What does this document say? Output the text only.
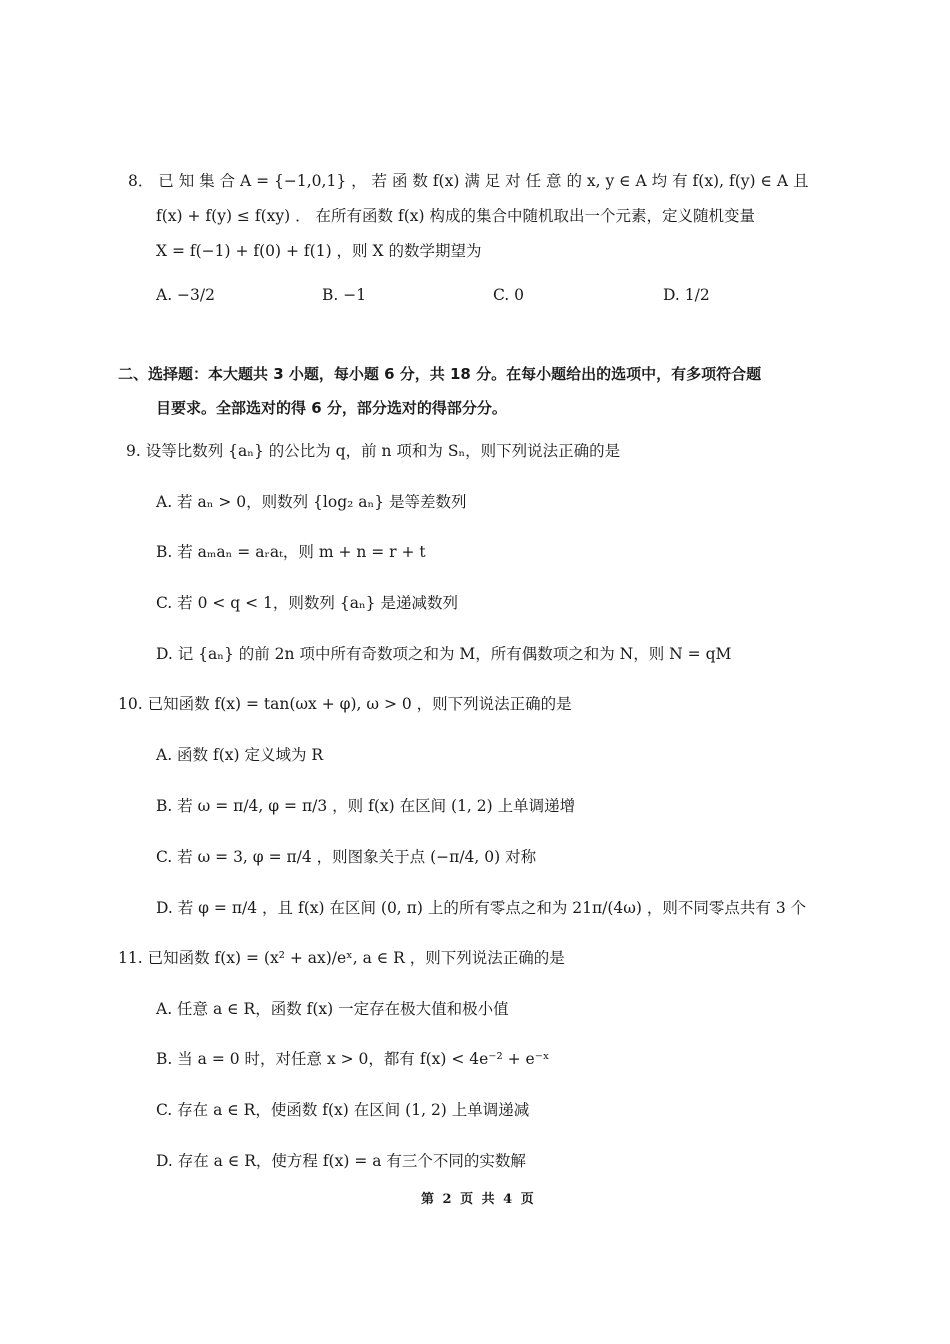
8． 已 知 集 合 A = {−1,0,1} ， 若 函 数 f(x) 满 足 对 任 意 的 x, y ∈ A 均 有 f(x), f(y) ∈ A 且
f(x) + f(y) ≤ f(xy) ． 在所有函数 f(x) 构成的集合中随机取出一个元素，定义随机变量
X = f(−1) + f(0) + f(1) ，则 X 的数学期望为
A. −3/2	B. −1	C. 0	D. 1/2
二、选择题：本大题共 3 小题，每小题 6 分，共 18 分。在每小题给出的选项中，有多项符合题
目要求。全部选对的得 6 分，部分选对的得部分分。
9. 设等比数列 {aₙ} 的公比为 q，前 n 项和为 Sₙ，则下列说法正确的是
A. 若 aₙ > 0，则数列 {log₂ aₙ} 是等差数列
B. 若 aₘaₙ = aᵣaₜ，则 m + n = r + t
C. 若 0 < q < 1，则数列 {aₙ} 是递减数列
D. 记 {aₙ} 的前 2n 项中所有奇数项之和为 M，所有偶数项之和为 N，则 N = qM
10. 已知函数 f(x) = tan(ωx + φ), ω > 0 ，则下列说法正确的是
A. 函数 f(x) 定义域为 R
B. 若 ω = π/4, φ = π/3 ，则 f(x) 在区间 (1, 2) 上单调递增
C. 若 ω = 3, φ = π/4 ，则图象关于点 (−π/4, 0) 对称
D. 若 φ = π/4 ，且 f(x) 在区间 (0, π) 上的所有零点之和为 21π/(4ω) ，则不同零点共有 3 个
11. 已知函数 f(x) = (x² + ax)/eˣ, a ∈ R ，则下列说法正确的是
A. 任意 a ∈ R，函数 f(x) 一定存在极大值和极小值
B. 当 a = 0 时，对任意 x > 0，都有 f(x) < 4e⁻² + e⁻ˣ
C. 存在 a ∈ R，使函数 f(x) 在区间 (1, 2) 上单调递减
D. 存在 a ∈ R，使方程 f(x) = a 有三个不同的实数解
第 2 页 共 4 页
